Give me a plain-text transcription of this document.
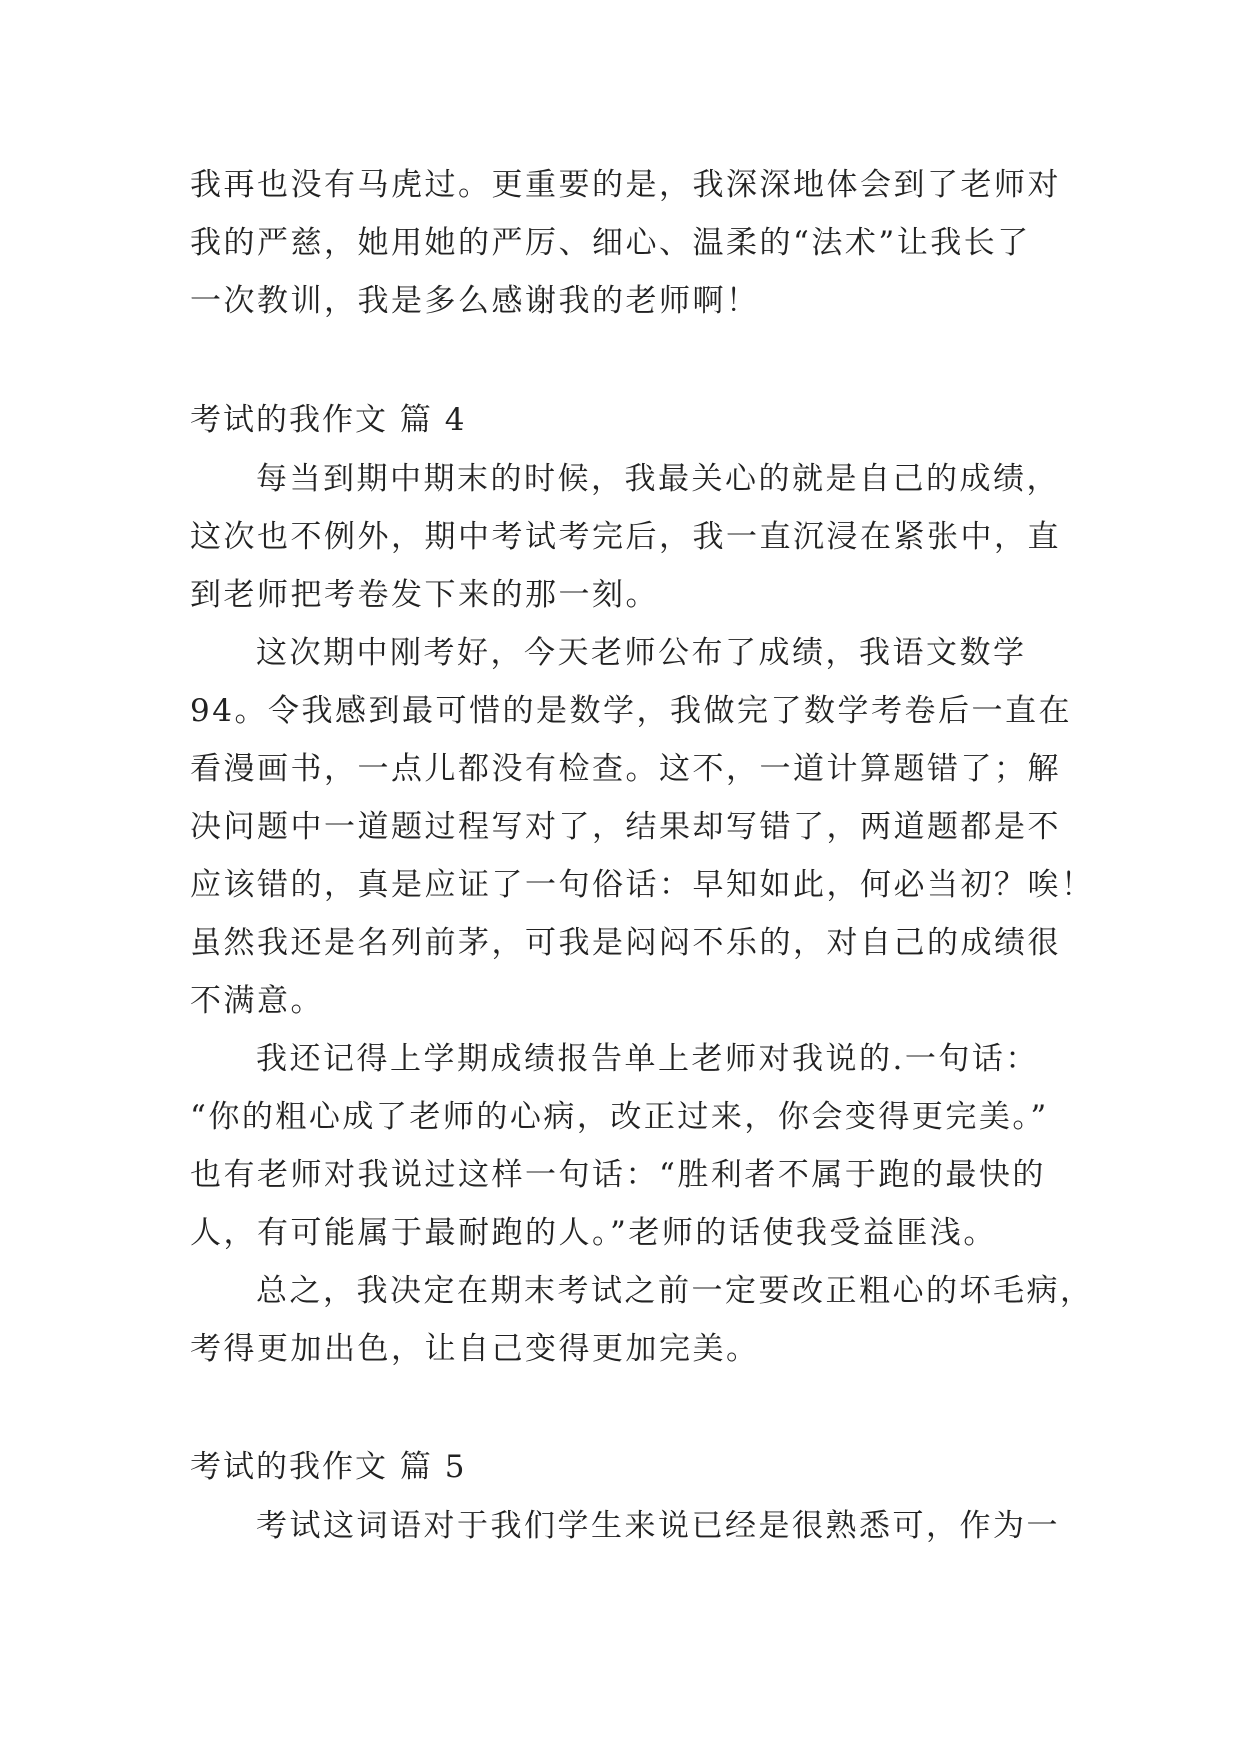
我再也没有马虎过。更重要的是，我深深地体会到了老师对
我的严慈，她用她的严厉、细心、温柔的“法术”让我长了
一次教训，我是多么感谢我的老师啊！
考试的我作文 篇 4
每当到期中期末的时候，我最关心的就是自己的成绩，
这次也不例外，期中考试考完后，我一直沉浸在紧张中，直
到老师把考卷发下来的那一刻。
这次期中刚考好，今天老师公布了成绩，我语文数学
94。令我感到最可惜的是数学，我做完了数学考卷后一直在
看漫画书，一点儿都没有检查。这不，一道计算题错了；解
决问题中一道题过程写对了，结果却写错了，两道题都是不
应该错的，真是应证了一句俗话：早知如此，何必当初？唉！
虽然我还是名列前茅，可我是闷闷不乐的，对自己的成绩很
不满意。
我还记得上学期成绩报告单上老师对我说的.一句话：
“你的粗心成了老师的心病，改正过来，你会变得更完美。”
也有老师对我说过这样一句话：“胜利者不属于跑的最快的
人，有可能属于最耐跑的人。”老师的话使我受益匪浅。
总之，我决定在期末考试之前一定要改正粗心的坏毛病，
考得更加出色，让自己变得更加完美。
考试的我作文 篇 5
考试这词语对于我们学生来说已经是很熟悉可，作为一
